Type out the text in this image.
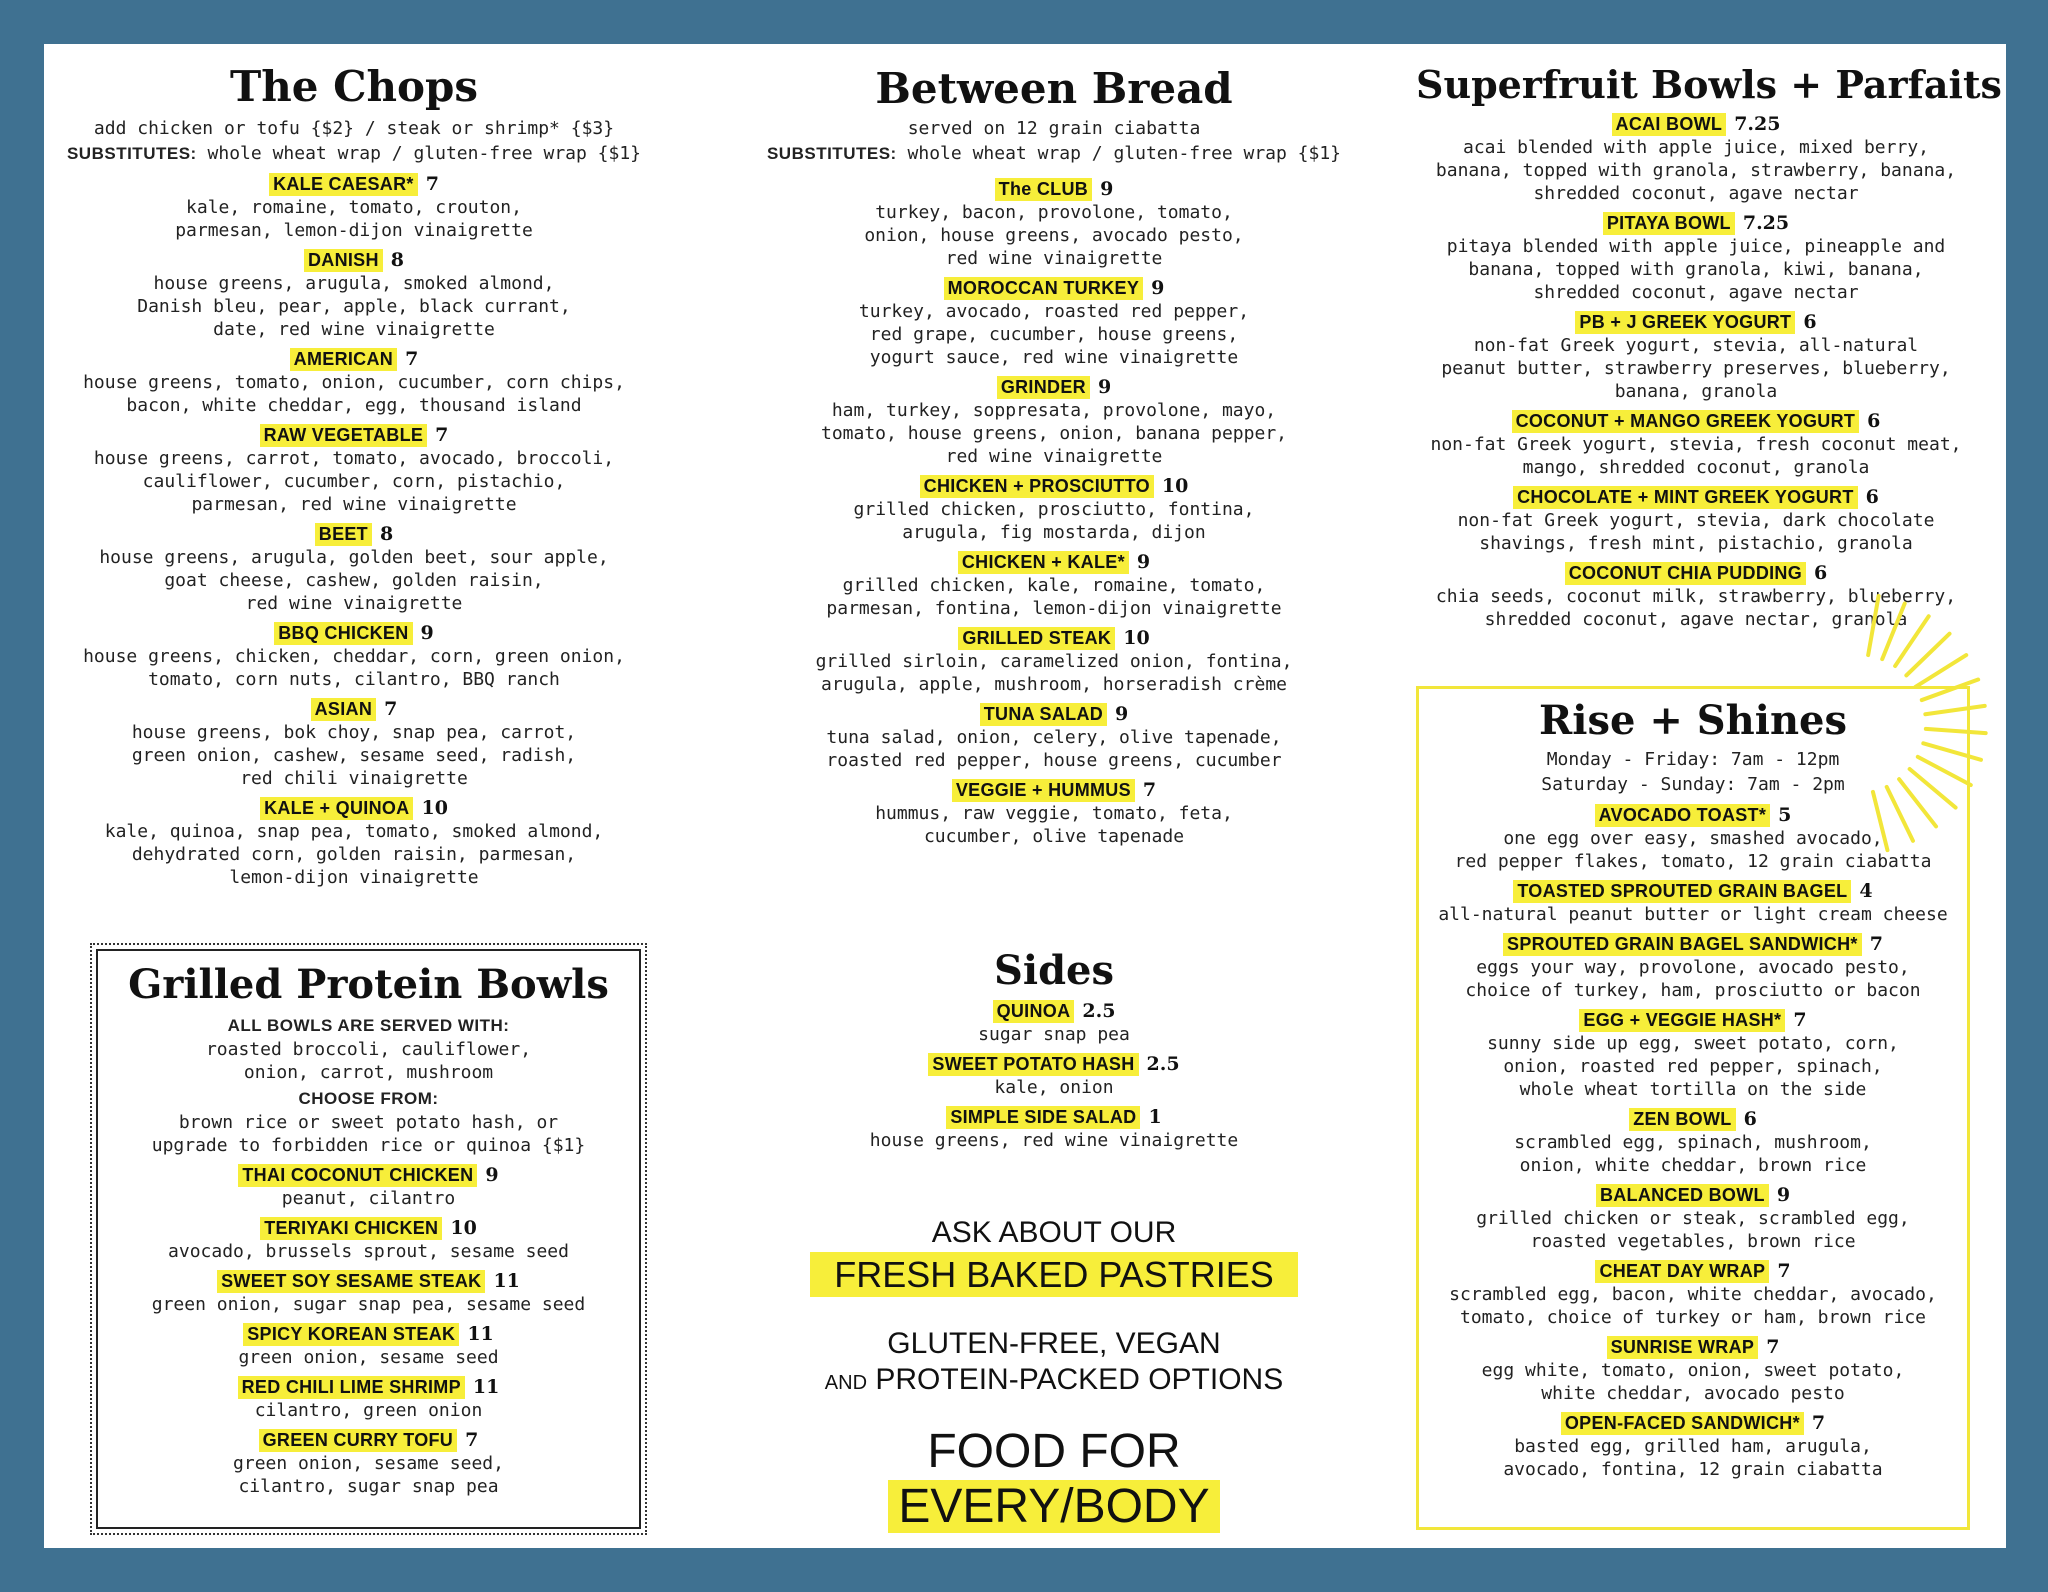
The Chops
add chicken or tofu {$2} / steak or shrimp* {$3}
SUBSTITUTES: whole wheat wrap / gluten-free wrap {$1}
KALE CAESAR* 7
kale, romaine, tomato, crouton,
parmesan, lemon-dijon vinaigrette
DANISH 8
house greens, arugula, smoked almond,
Danish bleu, pear, apple, black currant,
date, red wine vinaigrette
AMERICAN 7
house greens, tomato, onion, cucumber, corn chips,
bacon, white cheddar, egg, thousand island
RAW VEGETABLE 7
house greens, carrot, tomato, avocado, broccoli,
cauliflower, cucumber, corn, pistachio,
parmesan, red wine vinaigrette
BEET 8
house greens, arugula, golden beet, sour apple,
goat cheese, cashew, golden raisin,
red wine vinaigrette
BBQ CHICKEN 9
house greens, chicken, cheddar, corn, green onion,
tomato, corn nuts, cilantro, BBQ ranch
ASIAN 7
house greens, bok choy, snap pea, carrot,
green onion, cashew, sesame seed, radish,
red chili vinaigrette
KALE + QUINOA 10
kale, quinoa, snap pea, tomato, smoked almond,
dehydrated corn, golden raisin, parmesan,
lemon-dijon vinaigrette
Grilled Protein Bowls
ALL BOWLS ARE SERVED WITH:
roasted broccoli, cauliflower,
onion, carrot, mushroom
CHOOSE FROM:
brown rice or sweet potato hash, or
upgrade to forbidden rice or quinoa {$1}
THAI COCONUT CHICKEN 9
peanut, cilantro
TERIYAKI CHICKEN 10
avocado, brussels sprout, sesame seed
SWEET SOY SESAME STEAK 11
green onion, sugar snap pea, sesame seed
SPICY KOREAN STEAK 11
green onion, sesame seed
RED CHILI LIME SHRIMP 11
cilantro, green onion
GREEN CURRY TOFU 7
green onion, sesame seed,
cilantro, sugar snap pea
Between Bread
served on 12 grain ciabatta
SUBSTITUTES: whole wheat wrap / gluten-free wrap {$1}
The CLUB 9
turkey, bacon, provolone, tomato,
onion, house greens, avocado pesto,
red wine vinaigrette
MOROCCAN TURKEY 9
turkey, avocado, roasted red pepper,
red grape, cucumber, house greens,
yogurt sauce, red wine vinaigrette
GRINDER 9
ham, turkey, soppresata, provolone, mayo,
tomato, house greens, onion, banana pepper,
red wine vinaigrette
CHICKEN + PROSCIUTTO 10
grilled chicken, prosciutto, fontina,
arugula, fig mostarda, dijon
CHICKEN + KALE* 9
grilled chicken, kale, romaine, tomato,
parmesan, fontina, lemon-dijon vinaigrette
GRILLED STEAK 10
grilled sirloin, caramelized onion, fontina,
arugula, apple, mushroom, horseradish crème
TUNA SALAD 9
tuna salad, onion, celery, olive tapenade,
roasted red pepper, house greens, cucumber
VEGGIE + HUMMUS 7
hummus, raw veggie, tomato, feta,
cucumber, olive tapenade
Sides
QUINOA 2.5
sugar snap pea
SWEET POTATO HASH 2.5
kale, onion
SIMPLE SIDE SALAD 1
house greens, red wine vinaigrette
ASK ABOUT OUR
FRESH BAKED PASTRIES
GLUTEN-FREE, VEGAN
AND PROTEIN-PACKED OPTIONS
FOOD FOR EVERY/BODY
Superfruit Bowls + Parfaits
ACAI BOWL 7.25
acai blended with apple juice, mixed berry,
banana, topped with granola, strawberry, banana,
shredded coconut, agave nectar
PITAYA BOWL 7.25
pitaya blended with apple juice, pineapple and
banana, topped with granola, kiwi, banana,
shredded coconut, agave nectar
PB + J GREEK YOGURT 6
non-fat Greek yogurt, stevia, all-natural
peanut butter, strawberry preserves, blueberry,
banana, granola
COCONUT + MANGO GREEK YOGURT 6
non-fat Greek yogurt, stevia, fresh coconut meat,
mango, shredded coconut, granola
CHOCOLATE + MINT GREEK YOGURT 6
non-fat Greek yogurt, stevia, dark chocolate
shavings, fresh mint, pistachio, granola
COCONUT CHIA PUDDING 6
chia seeds, coconut milk, strawberry, blueberry,
shredded coconut, agave nectar, granola
Rise + Shines
Monday - Friday: 7am - 12pm
Saturday - Sunday: 7am - 2pm
AVOCADO TOAST* 5
one egg over easy, smashed avocado,
red pepper flakes, tomato, 12 grain ciabatta
TOASTED SPROUTED GRAIN BAGEL 4
all-natural peanut butter or light cream cheese
SPROUTED GRAIN BAGEL SANDWICH* 7
eggs your way, provolone, avocado pesto,
choice of turkey, ham, prosciutto or bacon
EGG + VEGGIE HASH* 7
sunny side up egg, sweet potato, corn,
onion, roasted red pepper, spinach,
whole wheat tortilla on the side
ZEN BOWL 6
scrambled egg, spinach, mushroom,
onion, white cheddar, brown rice
BALANCED BOWL 9
grilled chicken or steak, scrambled egg,
roasted vegetables, brown rice
CHEAT DAY WRAP 7
scrambled egg, bacon, white cheddar, avocado,
tomato, choice of turkey or ham, brown rice
SUNRISE WRAP 7
egg white, tomato, onion, sweet potato,
white cheddar, avocado pesto
OPEN-FACED SANDWICH* 7
basted egg, grilled ham, arugula,
avocado, fontina, 12 grain ciabatta
